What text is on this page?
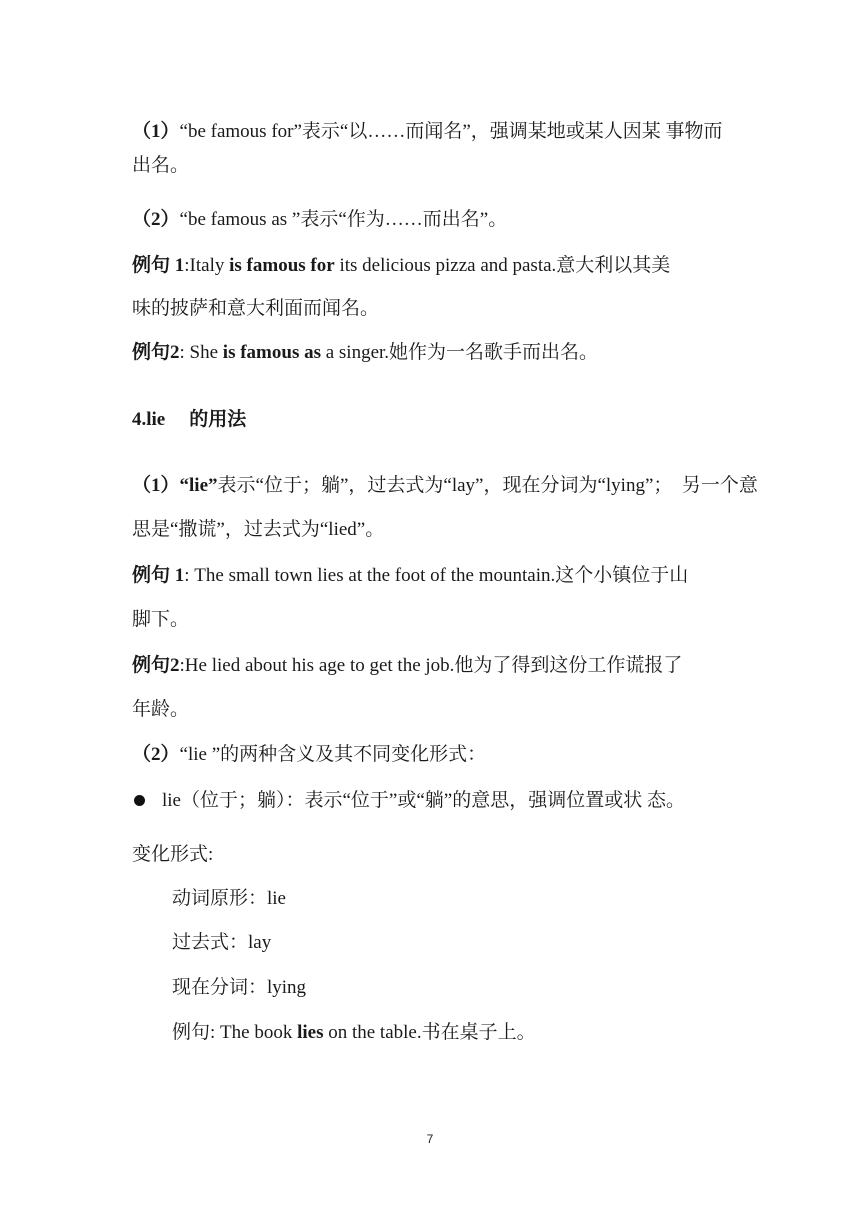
（1）“be famous for”表示“以……而闻名”，强调某地或某人因某 事物而
出名。
（2）“be famous as ”表示“作为……而出名”。
例句 1:Italy is famous for its delicious pizza and pasta.意大利以其美
味的披萨和意大利面而闻名。
例句2: She is famous as a singer.她作为一名歌手而出名。
4.lie 的用法
（1）“lie”表示“位于；躺”，过去式为“lay”，现在分词为“lying”；　另一个意
思是“撒谎”，过去式为“lied”。
例句 1: The small town lies at the foot of the mountain.这个小镇位于山
脚下。
例句2:He lied about his age to get the job.他为了得到这份工作谎报了
年龄。
（2）“lie ”的两种含义及其不同变化形式：
lie（位于；躺）：表示“位于”或“躺”的意思，强调位置或状 态。
变化形式:
动词原形：lie
过去式：lay
现在分词：lying
例句: The book lies on the table.书在桌子上。
7
